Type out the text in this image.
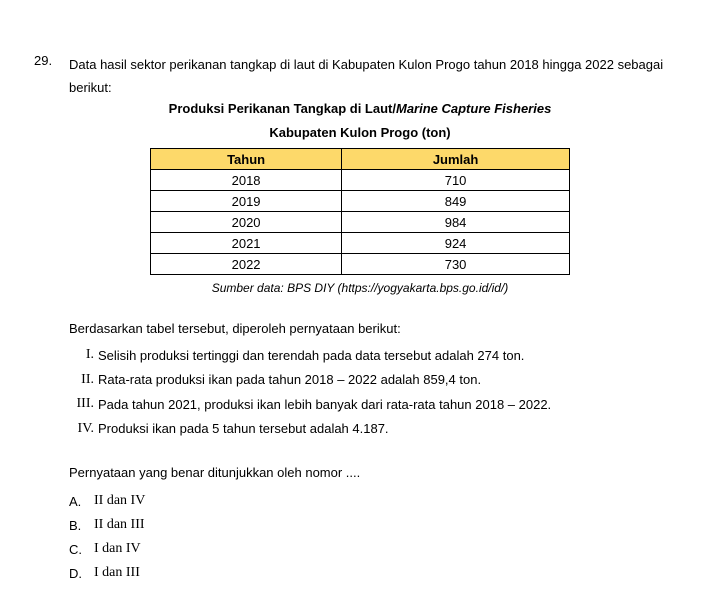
29. Data hasil sektor perikanan tangkap di laut di Kabupaten Kulon Progo tahun 2018 hingga 2022 sebagai
berikut:
Produksi Perikanan Tangkap di Laut/Marine Capture Fisheries
Kabupaten Kulon Progo (ton)
Tahun	Jumlah
2018	710
2019	849
2020	984
2021	924
2022	730
Sumber data: BPS DIY (https://yogyakarta.bps.go.id/id/)
Berdasarkan tabel tersebut, diperoleh pernyataan berikut:
I. Selisih produksi tertinggi dan terendah pada data tersebut adalah 274 ton.
II. Rata-rata produksi ikan pada tahun 2018 – 2022 adalah 859,4 ton.
III. Pada tahun 2021, produksi ikan lebih banyak dari rata-rata tahun 2018 – 2022.
IV. Produksi ikan pada 5 tahun tersebut adalah 4.187.
Pernyataan yang benar ditunjukkan oleh nomor ....
A. II dan IV
B. II dan III
C. I dan IV
D. I dan III
